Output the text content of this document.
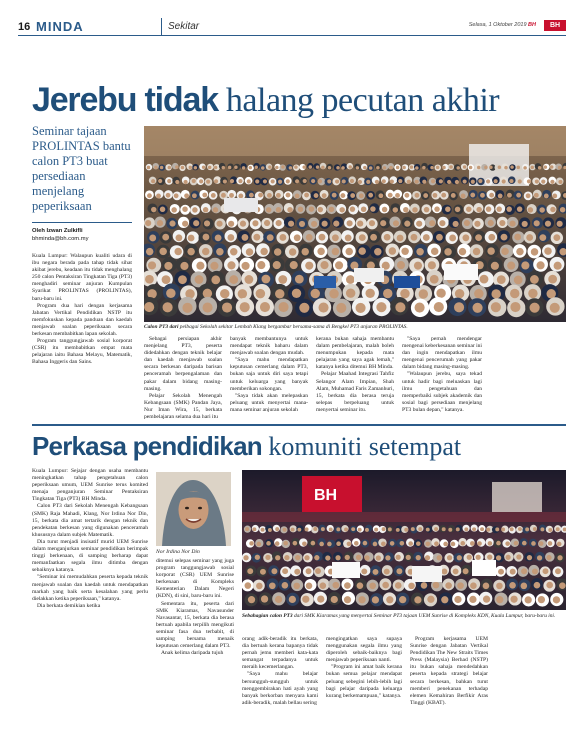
16 MINDA	Sekitar	Selasa, 1 Oktober 2019 BH	BH
Jerebu tidak halang pecutan akhir
Seminar tajaan PROLINTAS bantu calon PT3 buat persediaan menjelang peperiksaan
Oleh Izwan Zulkifli
bhminda@bh.com.my

Kuala Lumpur: Walaupun kualiti udara di ibu negara berada pada tahap tidak sihat akibat jerebu, keadaan itu tidak menghalang 250 calon Pentaksiran Tingkatan Tiga (PT3) menghadiri seminar anjuran Kumpulan Syarikat PROLINTAS (PROLINTAS), baru-baru ini.

Program dua hari dengan kerjasama Jabatan Vertikal Pendidikan NSTP itu memfokuskan kepada panduan dan kaedah menjawab soalan peperiksaan secara berkesan membabitkan lapan sekolah.

Program tanggungjawab sosial korporat (CSR) itu membabitkan empat mata pelajaran iaitu Bahasa Melayu, Matematik, Bahasa Inggeris dan Sains.

Calon PT3 dari pelbagai Sekolah sekitar Lembah Klang bergambar bersama-sama di Bengkel PT3 anjuran PROLINTAS.

Sebagai persiapan akhir menjelang PT3, peserta didedahkan dengan teknik belajar dan kaedah menjawab soalan secara berkesan daripada barisan penceramah berpengalaman dan pakar dalam bidang masing-masing.

Pelajar Sekolah Menengah Kebangsaan (SMK) Pandan Jaya, Nur Iman Wira, 15, berkata pembelajaran selama dua hari itu

banyak membantunya untuk mendapat teknik baharu dalam menjawab soalan dengan mudah.

"Saya mahu mendapatkan keputusan cemerlang dalam PT3, bukan saja untuk diri saya tetapi untuk keluarga yang banyak memberikan sokongan.

"Saya tidak akan melepaskan peluang untuk menyertai mana-mana seminar anjuran sekolah

kerana bukan sahaja membantu dalam pembelajaran, malah boleh menumpukan kepada mata pelajaran yang saya agak lemah," katanya ketika ditemui BH Minda.

Pelajar Maahad Integrasi Tahfiz Selangor Alam Impian, Shah Alam, Muhamad Faris Zamanhuri, 15, berkata dia berasa teruja selepas berpeluang untuk menyertai seminar itu.

"Saya pernah mendengar mengenai keberkesanan seminar ini dan ingin mendapatkan ilmu mengenai pencerumah yang pakar dalam bidang masing-masing.

"Walaupun jerebu, saya tekad untuk hadir bagi meluaskan lagi ilmu pengetahuan dan memperbaiki subjek akademik dan sosial bagi persediaan menjelang PT3 bulan depan," katanya.

Perkasa pendidikan komuniti setempat

Kuala Lumpur: Sejajar dengan usaha membantu meningkatkan tahap pengetahuan calon peperiksaan umum, UEM Sunrise terus komited menaja penganjuran Seminar Pentaksiran Tingkatan Tiga (PT3) BH Minda.

Calon PT3 dari Sekolah Menengah Kebangsaan (SMK) Raja Mahadi, Klang, Nor Irdina Nor Din, 15, berkata dia amat tertarik dengan teknik dan pendekatan berkesan yang digunakan penceramah khususnya dalam subjek Matematik.

Dia turut menjadi insisatif murid UEM Sunrise dalam menganjurkan seminar pendidikan berimpak tinggi berkenaan, di samping berharap dapat memanfaatkan segala ilmu ditimba dengan sebaiknya katanya.

"Seminar ini memudahkan peserta kepada teknik menjawab soalan dan kaedah untuk mendapatkan markah yang baik serta kesalahan yang perlu dielakkan ketika peperiksaan," katanya.

Dia berkata demikian ketika

Nor Irdina Nor Din

ditemui selepas seminar yang juga program tanggungjawab sosial korporat (CSR) UEM Sunrise berkenaan di Kompleks Kementerian Dalam Negeri (KDN), di sini, baru-baru ini.

Sementara itu, peserta dari SMK Kiaramas, Navasunder Navasantar, 15, berkata dia berasa bertuah apabila terpilih mengikuti seminar fasa dua terbabit, di samping bersama menaik keputusan cemerlang dalam PT3.

Anak kelima daripada tujuh

BH
Sebahagian calon PT3 dari SMK Kiaramas yang menyertai Seminar PT3 tajaan UEM Sunrise di Kompleks KDN, Kuala Lumpur, baru-baru ini.

orang adik-beradik itu berkata, dia bertuah kerana bapanya tidak pernah jemu memberi kata-kata semangat terpadanya untuk meraih kecemerlangan.

"Saya mahu belajar bersungguh-sungguh untuk menggembirakan hati ayah yang banyak berkorban menyara kami adik-beradik, malah bellau sering

mengingatkan saya supaya menggunakan segala ilmu yang diperoleh sebaik-baiknya bagi menjawab peperiksaan nanti.

"Program ini amat baik kerana bukan semua pelajar mendapat peluang sebegini lebih-lebih lagi bagi pelajar daripada keluarga kurang berkemampuan," katanya.

Program kerjasama UEM Sunrise dengan Jabatan Vertikal Pendidikan The New Straits Times Press (Malaysia) Berhad (NSTP) itu bukan sahaja mendedahkan peserta kepada strategi belajar secara berkesan, bahkan turut memberi penekanan terhadap elemen Kemahiran Berfikir Aras Tinggi (KBAT).
